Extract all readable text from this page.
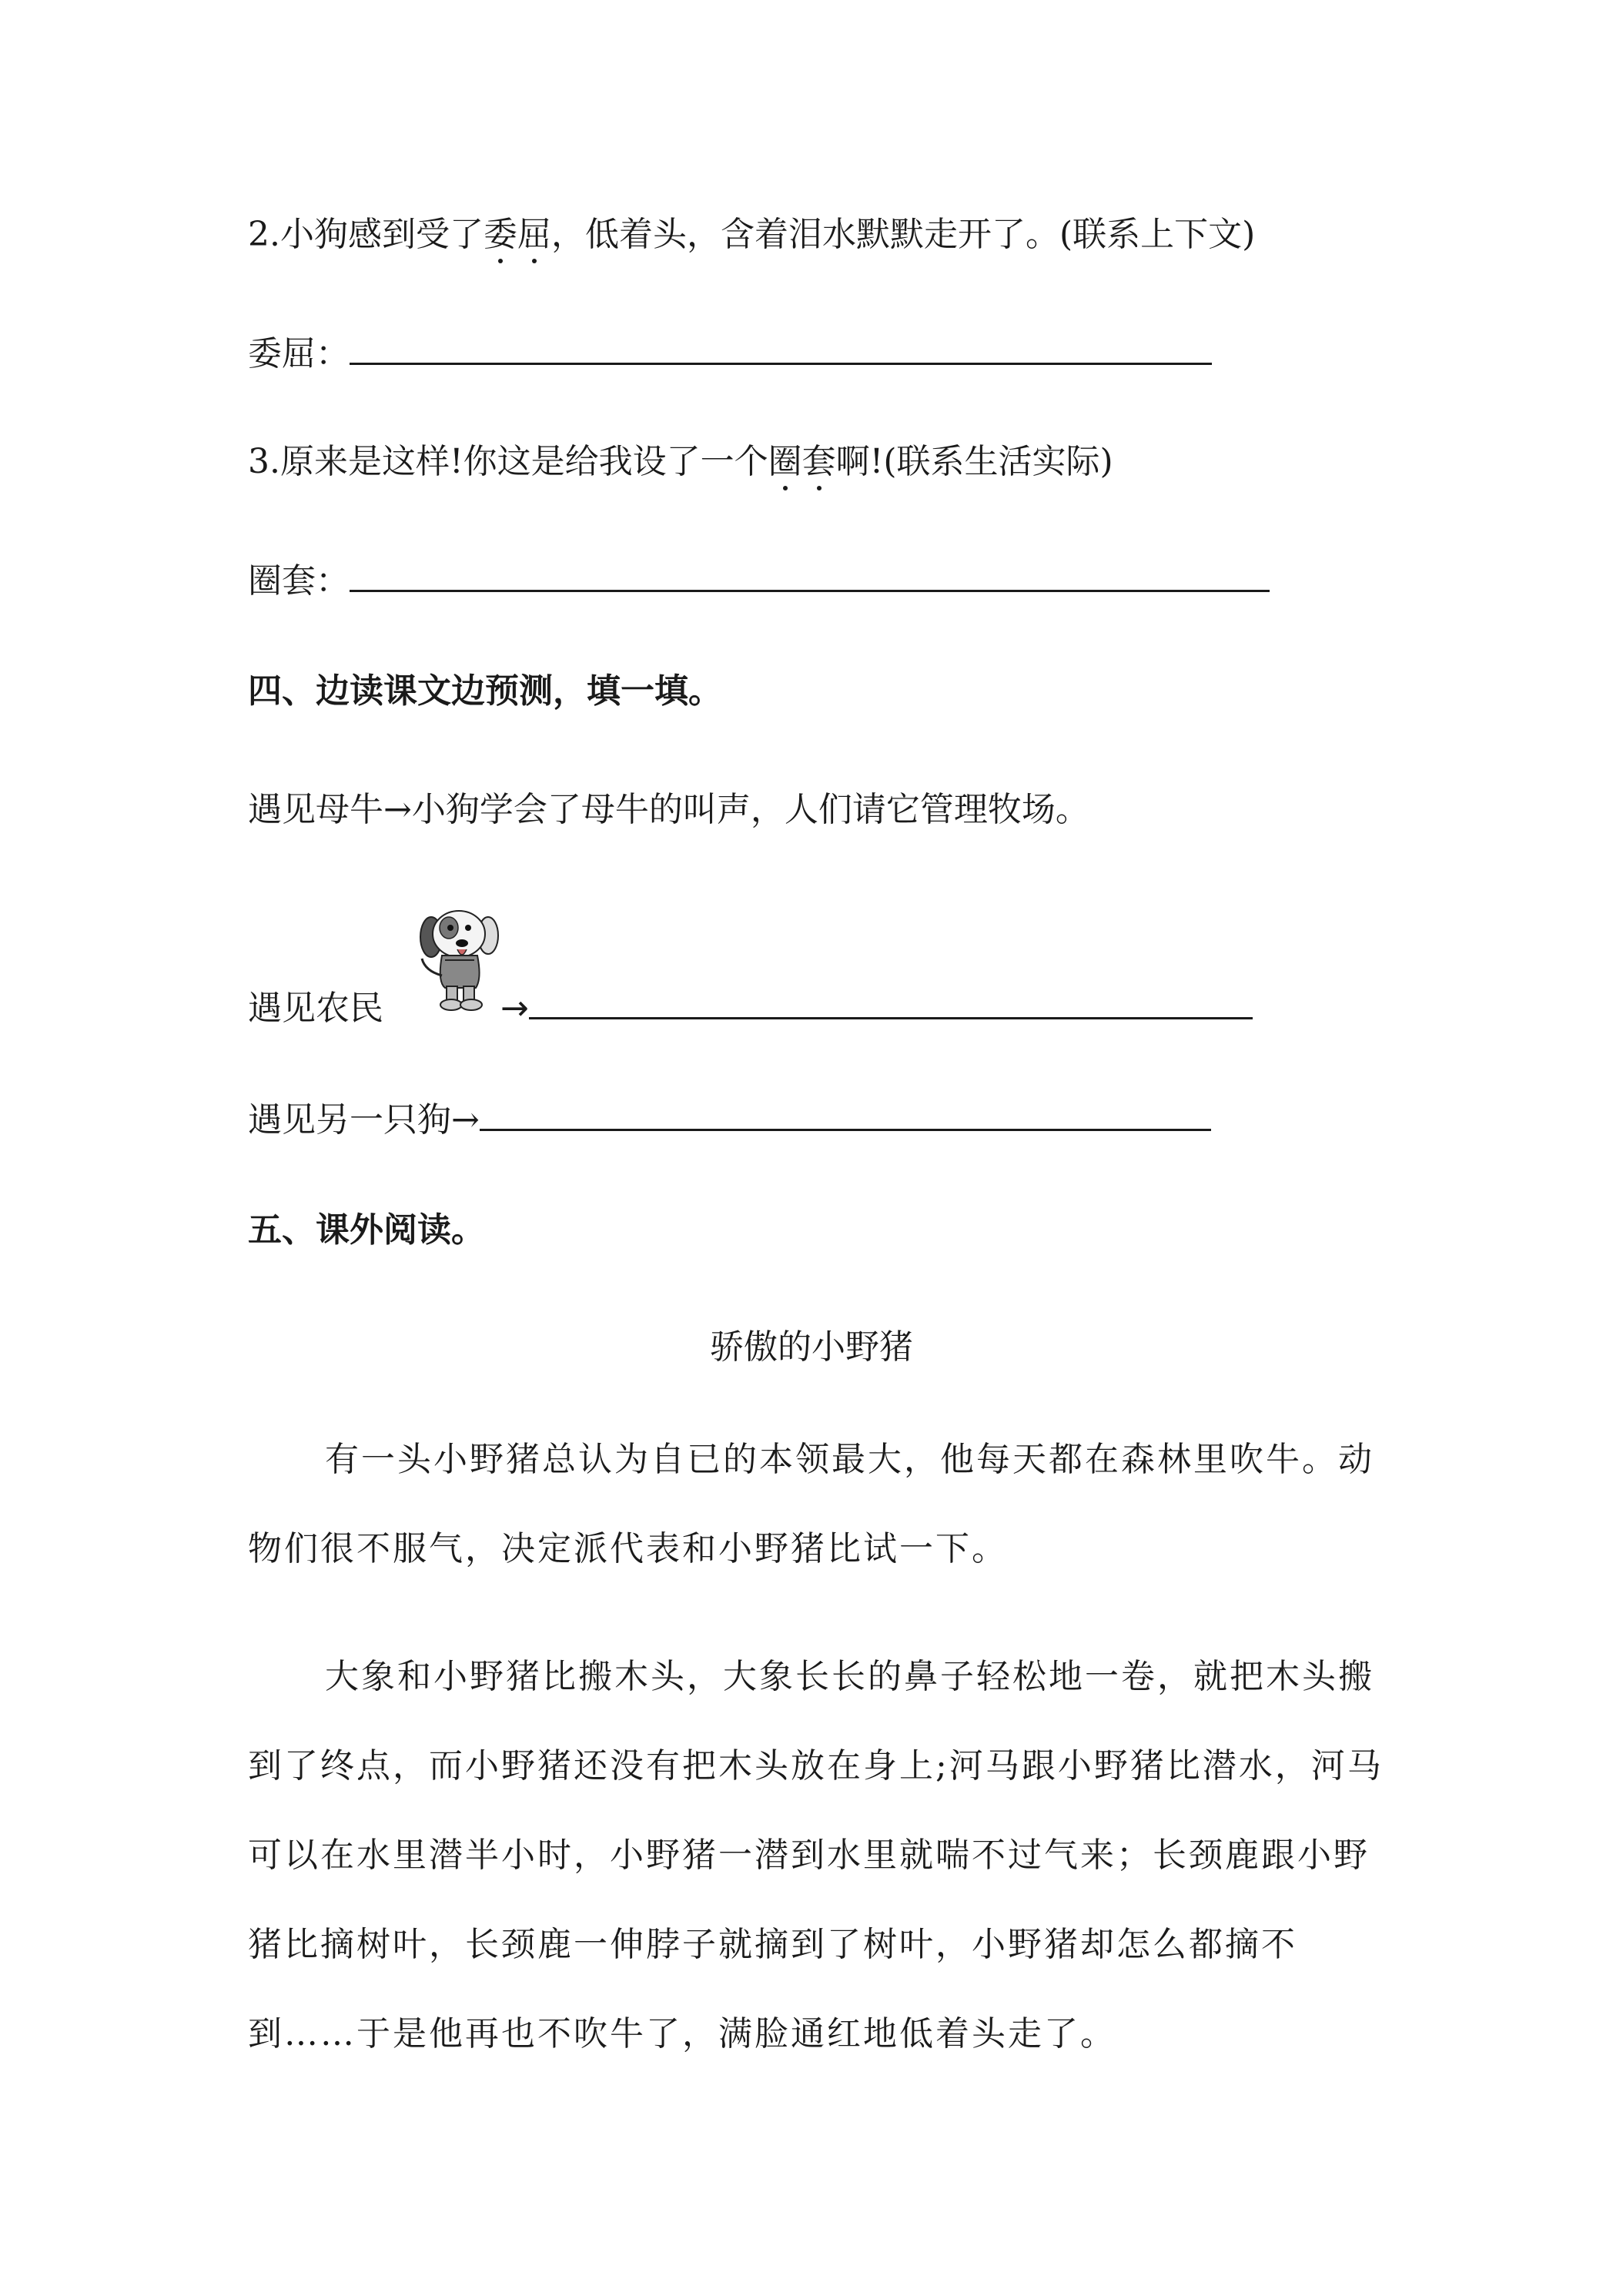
2.小狗感到受了委屈，低着头，含着泪水默默走开了。(联系上下文)
委屈：
3.原来是这样!你这是给我设了一个圈套啊!(联系生活实际)
圈套：
四、边读课文边预测，填一填。
遇见母牛→小狗学会了母牛的叫声，人们请它管理牧场。
遇见农民	→
遇见另一只狗→
五、课外阅读。
骄傲的小野猪
有一头小野猪总认为自已的本领最大，他每天都在森林里吹牛。动物们很不服气，决定派代表和小野猪比试一下。
大象和小野猪比搬木头，大象长长的鼻子轻松地一卷，就把木头搬到了终点，而小野猪还没有把木头放在身上;河马跟小野猪比潜水，河马可以在水里潜半小时，小野猪一潜到水里就喘不过气来；长颈鹿跟小野猪比摘树叶，长颈鹿一伸脖子就摘到了树叶，小野猪却怎么都摘不到……于是他再也不吹牛了，满脸通红地低着头走了。
